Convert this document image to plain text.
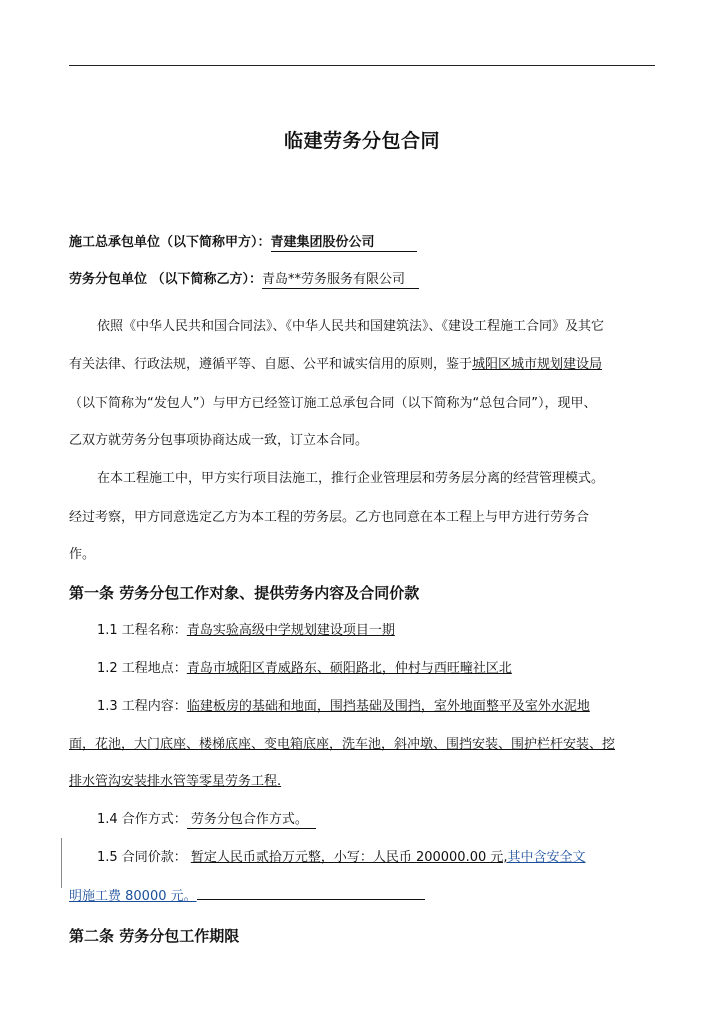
临建劳务分包合同
施工总承包单位（以下简称甲方）：青建集团股份公司
劳务分包单位 （以下简称乙方）：青岛**劳务服务有限公司
依照《中华人民共和国合同法》、《中华人民共和国建筑法》、《建设工程施工合同》及其它
有关法律、行政法规，遵循平等、自愿、公平和诚实信用的原则，鉴于城阳区城市规划建设局
（以下简称为“发包人”）与甲方已经签订施工总承包合同（以下简称为“总包合同”），现甲、
乙双方就劳务分包事项协商达成一致，订立本合同。
在本工程施工中，甲方实行项目法施工，推行企业管理层和劳务层分离的经营管理模式。
经过考察，甲方同意选定乙方为本工程的劳务层。乙方也同意在本工程上与甲方进行劳务合
作。
第一条 劳务分包工作对象、提供劳务内容及合同价款
1.1 工程名称：青岛实验高级中学规划建设项目一期
1.2 工程地点：青岛市城阳区青威路东、硕阳路北，仲村与西旺疃社区北
1.3 工程内容：临建板房的基础和地面，围挡基础及围挡，室外地面整平及室外水泥地
面，花池，大门底座、楼梯底座、变电箱底座，洗车池，斜冲墩、围挡安装、围护栏杆安装、挖
排水管沟安装排水管等零星劳务工程.
1.4 合作方式： 劳务分包合作方式。
1.5 合同价款： 暂定人民币贰拾万元整，小写：人民币 200000.00 元,其中含安全文
明施工费 80000 元。
第二条 劳务分包工作期限
